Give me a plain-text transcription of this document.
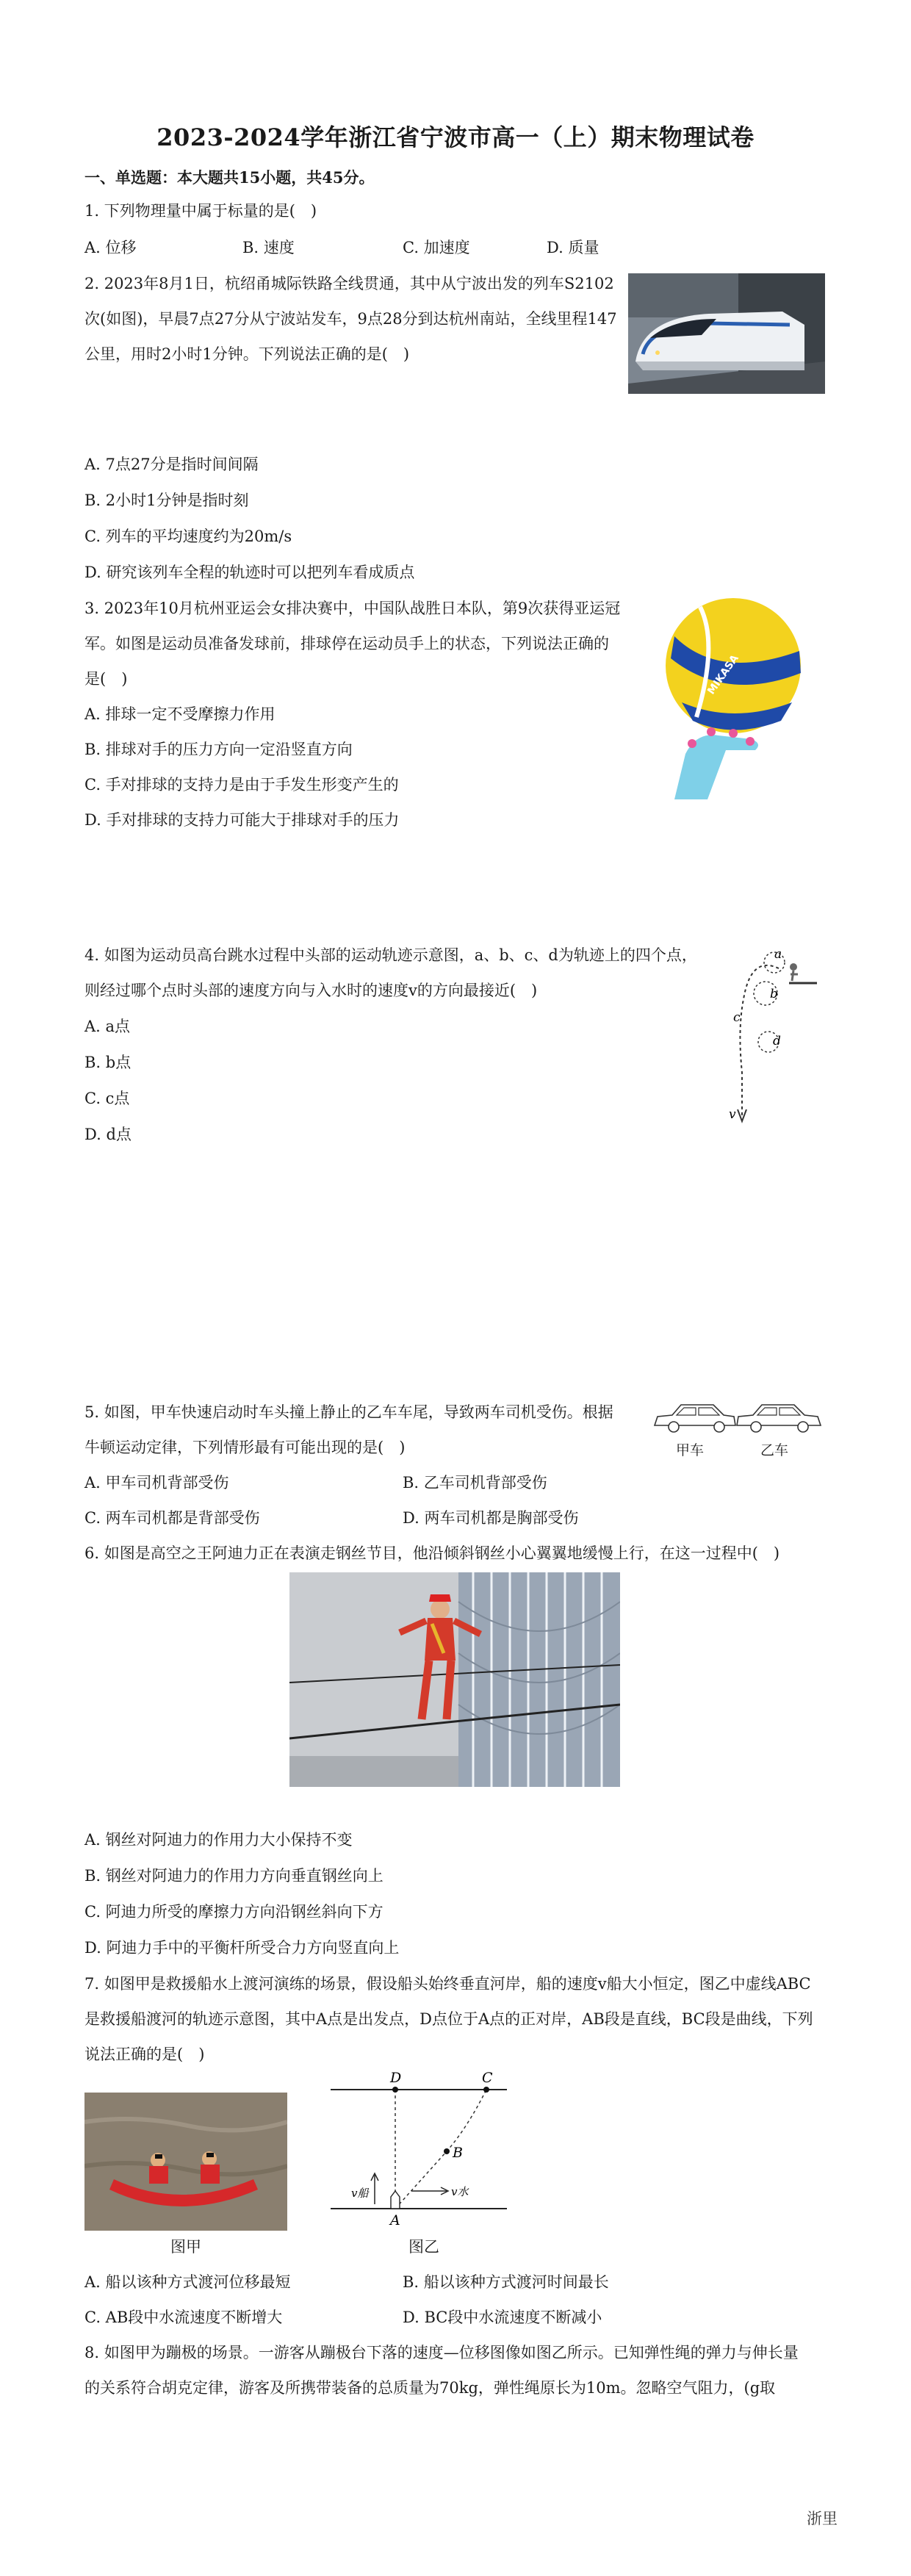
2023-2024学年浙江省宁波市高一（上）期末物理试卷
一、单选题：本大题共15小题，共45分。
1. 下列物理量中属于标量的是(　)
A. 位移	B. 速度	C. 加速度	D. 质量
2. 2023年8月1日，杭绍甬城际铁路全线贯通，其中从宁波出发的列车S2102
次(如图)，早晨7点27分从宁波站发车，9点28分到达杭州南站，全线里程147
公里，用时2小时1分钟。下列说法正确的是(　)
A. 7点27分是指时间间隔
B. 2小时1分钟是指时刻
C. 列车的平均速度约为20m/s
D. 研究该列车全程的轨迹时可以把列车看成质点
3. 2023年10月杭州亚运会女排决赛中，中国队战胜日本队，第9次获得亚运冠
军。如图是运动员准备发球前，排球停在运动员手上的状态，下列说法正确的
是(　)
A. 排球一定不受摩擦力作用
B. 排球对手的压力方向一定沿竖直方向
C. 手对排球的支持力是由于手发生形变产生的
D. 手对排球的支持力可能大于排球对手的压力
MIKASA
4. 如图为运动员高台跳水过程中头部的运动轨迹示意图，a、b、c、d为轨迹上的四个点，
则经过哪个点时头部的速度方向与入水时的速度v的方向最接近(　)
A. a点
B. b点
C. c点
D. d点
a
b
c
d
v
5. 如图，甲车快速启动时车头撞上静止的乙车车尾，导致两车司机受伤。根据
牛顿运动定律，下列情形最有可能出现的是(　)
A. 甲车司机背部受伤	B. 乙车司机背部受伤
C. 两车司机都是背部受伤	D. 两车司机都是胸部受伤
甲车	乙车
6. 如图是高空之王阿迪力正在表演走钢丝节目，他沿倾斜钢丝小心翼翼地缓慢上行，在这一过程中(　)
A. 钢丝对阿迪力的作用力大小保持不变
B. 钢丝对阿迪力的作用力方向垂直钢丝向上
C. 阿迪力所受的摩擦力方向沿钢丝斜向下方
D. 阿迪力手中的平衡杆所受合力方向竖直向上
7. 如图甲是救援船水上渡河演练的场景，假设船头始终垂直河岸，船的速度v船大小恒定，图乙中虚线ABC
是救援船渡河的轨迹示意图，其中A点是出发点，D点位于A点的正对岸，AB段是直线，BC段是曲线，下列
说法正确的是(　)
图甲
D	C
B
A
v船	v水
图乙
A. 船以该种方式渡河位移最短	B. 船以该种方式渡河时间最长
C. AB段中水流速度不断增大	D. BC段中水流速度不断减小
8. 如图甲为蹦极的场景。一游客从蹦极台下落的速度—位移图像如图乙所示。已知弹性绳的弹力与伸长量
的关系符合胡克定律，游客及所携带装备的总质量为70kg，弹性绳原长为10m。忽略空气阻力，(g取
浙里
